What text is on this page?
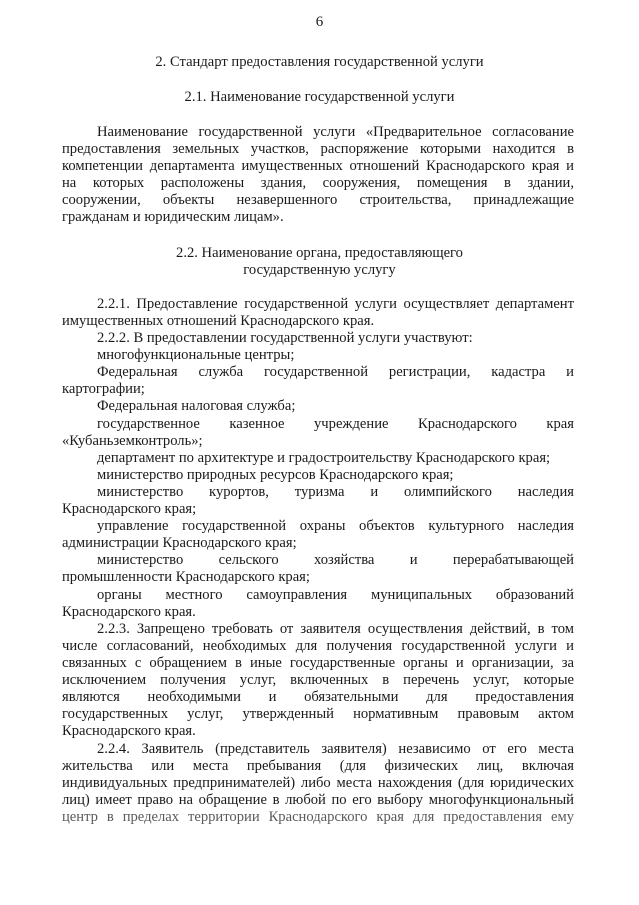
6
2. Стандарт предоставления государственной услуги
2.1. Наименование государственной услуги
Наименование государственной услуги «Предварительное согласование
предоставления земельных участков, распоряжение которыми находится в
компетенции департамента имущественных отношений Краснодарского края и
на которых расположены здания, сооружения, помещения в здании,
сооружении, объекты незавершенного строительства, принадлежащие
гражданам и юридическим лицам».
2.2. Наименование органа, предоставляющего
государственную услугу
2.2.1. Предоставление государственной услуги осуществляет департамент
имущественных отношений Краснодарского края.
2.2.2. В предоставлении государственной услуги участвуют:
многофункциональные центры;
Федеральная служба государственной регистрации, кадастра и
картографии;
Федеральная налоговая служба;
государственное казенное учреждение Краснодарского края
«Кубаньземконтроль»;
департамент по архитектуре и градостроительству Краснодарского края;
министерство природных ресурсов Краснодарского края;
министерство курортов, туризма и олимпийского наследия
Краснодарского края;
управление государственной охраны объектов культурного наследия
администрации Краснодарского края;
министерство сельского хозяйства и перерабатывающей
промышленности Краснодарского края;
органы местного самоуправления муниципальных образований
Краснодарского края.
2.2.3. Запрещено требовать от заявителя осуществления действий, в том
числе согласований, необходимых для получения государственной услуги и
связанных с обращением в иные государственные органы и организации, за
исключением получения услуг, включенных в перечень услуг, которые
являются необходимыми и обязательными для предоставления
государственных услуг, утвержденный нормативным правовым актом
Краснодарского края.
2.2.4. Заявитель (представитель заявителя) независимо от его места
жительства или места пребывания (для физических лиц, включая
индивидуальных предпринимателей) либо места нахождения (для юридических
лиц) имеет право на обращение в любой по его выбору многофункциональный
центр в пределах территории Краснодарского края для предоставления ему
